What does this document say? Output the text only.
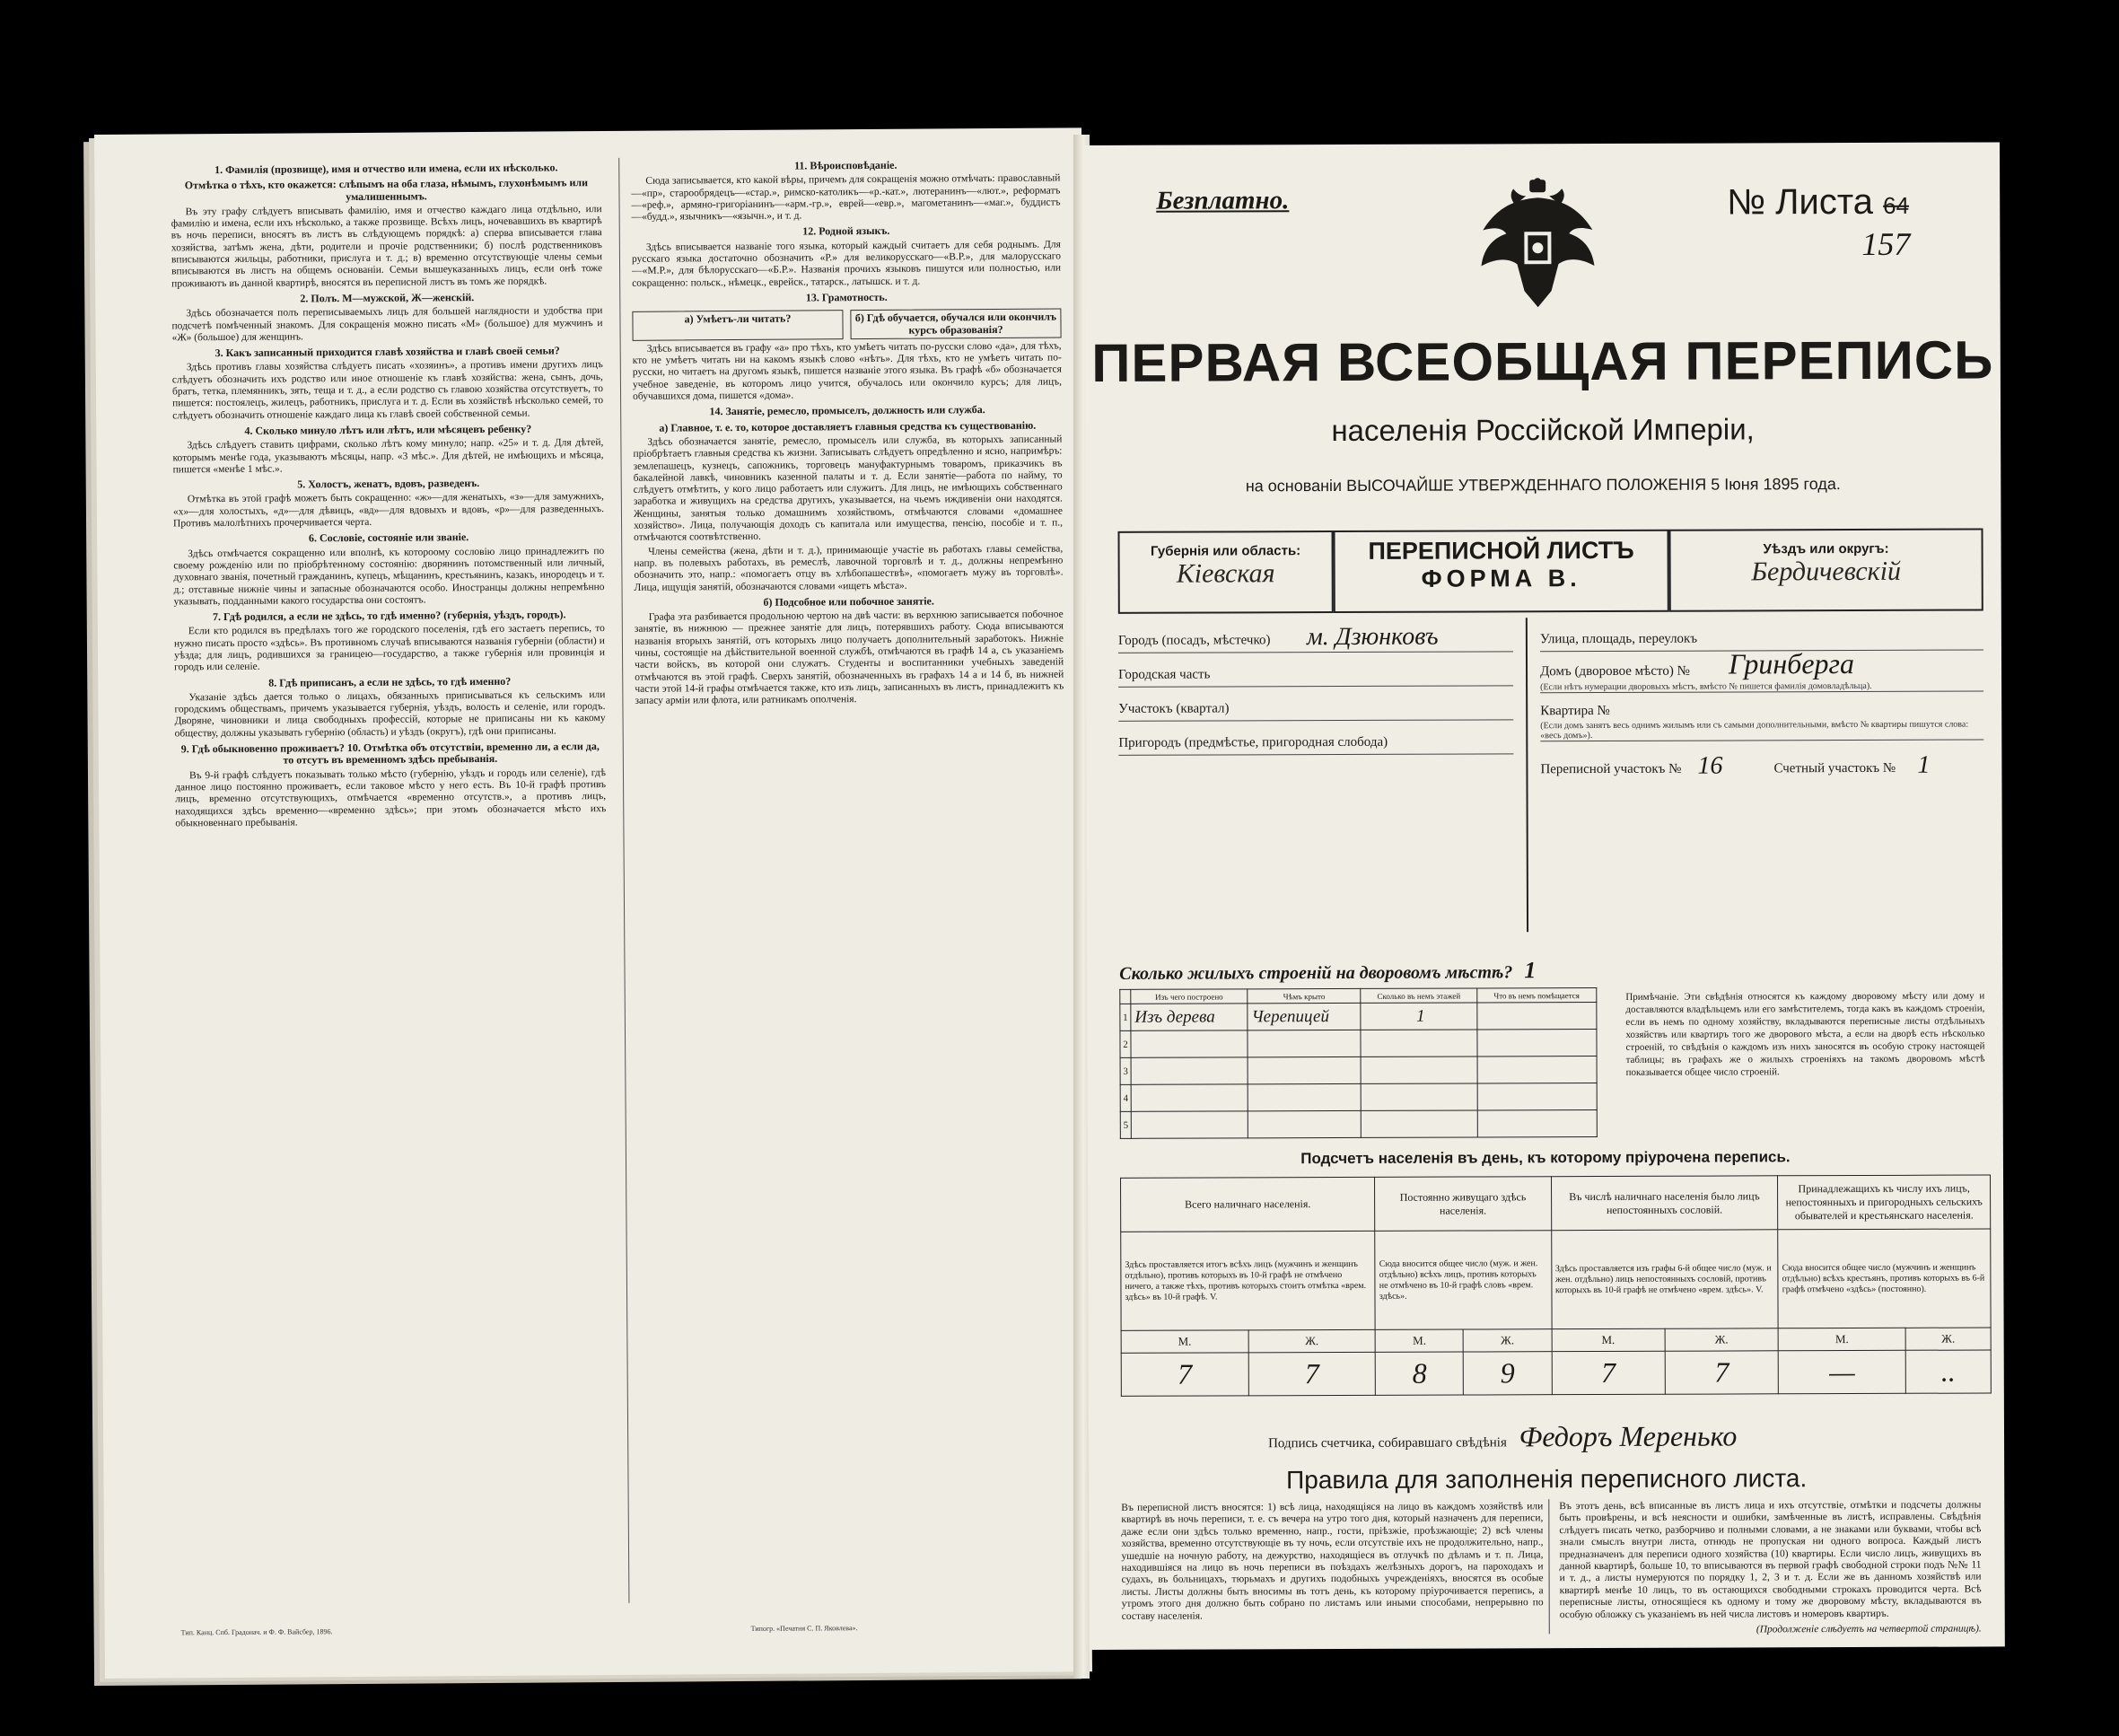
1. Фамилія (прозвище), имя и отчество или имена, если их нѣсколько.
Отмѣтка о тѣхъ, кто окажется: слѣпымъ на оба глаза, нѣмымъ, глухонѣмымъ или умалишеннымъ.

Въ эту графу слѣдуетъ вписывать фамилію, имя и отчество каждаго лица отдѣльно, или фамилію и имена, если ихъ нѣсколько, а также прозвище. Всѣхъ лицъ, ночевавшихъ въ квартирѣ въ ночь переписи, вносятъ въ листъ въ слѣдующемъ порядкѣ: а) сперва вписывается глава хозяйства, затѣмъ жена, дѣти, родители и прочіе родственники; б) послѣ родственниковъ вписываются жильцы, работники, прислуга и т. д.; в) временно отсутствующіе члены семьи вписываются въ листъ на общемъ основаніи. Семьи вышеуказанныхъ лицъ, если онѣ тоже проживаютъ въ данной квартирѣ, вносятся въ переписной листъ въ томъ же порядкѣ.

2. Полъ. М—мужской, Ж—женскій.

Здѣсь обозначается полъ переписываемыхъ лицъ для большей наглядности и удобства при подсчетѣ помѣченный знакомъ. Для сокращенія можно писать «М» (большое) для мужчинъ и «Ж» (большое) для женщинъ.

3. Какъ записанный приходится главѣ хозяйства и главѣ своей семьи?

Здѣсь противъ главы хозяйства слѣдуетъ писать «хозяинъ», а противъ имени другихъ лицъ слѣдуетъ обозначить ихъ родство или иное отношеніе къ главѣ хозяйства: жена, сынъ, дочь, братъ, тетка, племянникъ, зять, теща и т. д., а если родство съ главою хозяйства отсутствуетъ, то пишется: постоялецъ, жилецъ, работникъ, прислуга и т. д. Если въ хозяйствѣ нѣсколько семей, то слѣдуетъ обозначить отношеніе каждаго лица къ главѣ своей собственной семьи.

4. Сколько минуло лѣтъ или лѣтъ, или мѣсяцевъ ребенку?

Здѣсь слѣдуетъ ставить цифрами, сколько лѣтъ кому минуло; напр. «25» и т. д. Для дѣтей, которымъ менѣе года, указываютъ мѣсяцы, напр. «3 мѣс.». Для дѣтей, не имѣющихъ и мѣсяца, пишется «менѣе 1 мѣс.».

5. Холостъ, женатъ, вдовъ, разведенъ.

Отмѣтка въ этой графѣ можетъ быть сокращенно: «ж»—для женатыхъ, «з»—для замужнихъ, «х»—для холостыхъ, «д»—для дѣвицъ, «вд»—для вдовыхъ и вдовъ, «р»—для разведенныхъ. Противъ малолѣтнихъ прочерчивается черта.

6. Сословіе, состояніе или званіе.

Здѣсь отмѣчается сокращенно или вполнѣ, къ котороому сословію лицо принадлежитъ по своему рожденію или по пріобрѣтенному состоянію: дворянинъ потомственный или личный, духовнаго званія, почетный гражданинъ, купецъ, мѣщанинъ, крестьянинъ, казакъ, инородецъ и т. д.; отставные нижніе чины и запасные обозначаются особо. Иностранцы должны непремѣнно указывать, подданными какого государства они состоятъ.

7. Гдѣ родился, а если не здѣсь, то гдѣ именно? (губернія, уѣздъ, городъ).

Если кто родился въ предѣлахъ того же городского поселенія, гдѣ его застаетъ перепись, то нужно писать просто «здѣсь». Въ противномъ случаѣ вписываются названія губерніи (области) и уѣзда; для лицъ, родившихся за границею—государство, а также губернія или провинція и городъ или селеніе.

8. Гдѣ приписанъ, а если не здѣсь, то гдѣ именно?

Указаніе здѣсь дается только о лицахъ, обязанныхъ приписываться къ сельскимъ или городскимъ обществамъ, причемъ указывается губернія, уѣздъ, волость и селеніе, или городъ. Дворяне, чиновники и лица свободныхъ профессій, которые не приписаны ни къ какому обществу, должны указывать губернію (область) и уѣздъ (округъ), гдѣ они приписаны.

9. Гдѣ обыкновенно проживаетъ? 10. Отмѣтка объ отсутствіи, временно ли, а если да, то отсутъ въ временномъ здѣсь пребыванія.

Въ 9-й графѣ слѣдуетъ показывать только мѣсто (губернію, уѣздъ и городъ или селеніе), гдѣ данное лицо постоянно проживаетъ, если таковое мѣсто у него есть. Въ 10-й графѣ противъ лицъ, временно отсутствующихъ, отмѣчается «временно отсутств.», а противъ лицъ, находящихся здѣсь временно—«временно здѣсь»; при этомъ обозначается мѣсто ихъ обыкновеннаго пребыванія.

11. Вѣроисповѣданіе.

Сюда записывается, кто какой вѣры, причемъ для сокращенія можно отмѣчать: православный—«пр», старообрядецъ—«стар.», римско-католикъ—«р.-кат.», лютеранинъ—«лют.», реформатъ—«реф.», армяно-григоріанинъ—«арм.-гр.», еврей—«евр.», магометанинъ—«маг.», буддистъ—«будд.», язычникъ—«язычн.», и т. д.

12. Родной языкъ.

Здѣсь вписывается названіе того языка, который каждый считаетъ для себя роднымъ. Для русскаго языка достаточно обозначить «Р.» для великорусскаго—«В.Р.», для малорусскаго—«М.Р.», для бѣлорусскаго—«Б.Р.». Названія прочихъ языковъ пишутся или полностью, или сокращенно: польск., нѣмецк., еврейск., татарск., латышск. и т. д.

13. Грамотность.
а) Умѣетъ-ли читать?	б) Гдѣ обучается, обучался или окончилъ курсъ образованія?

Здѣсь вписывается въ графу «а» про тѣхъ, кто умѣетъ читать по-русски слово «да», для тѣхъ, кто не умѣетъ читать ни на какомъ языкѣ слово «нѣтъ». Для тѣхъ, кто не умѣетъ читать по-русски, но читаетъ на другомъ языкѣ, пишется названіе этого языка. Въ графѣ «б» обозначается учебное заведеніе, въ которомъ лицо учится, обучалось или окончило курсъ; для лицъ, обучавшихся дома, пишется «дома».

14. Занятіе, ремесло, промыселъ, должность или служба.
а) Главное, т. е. то, которое доставляетъ главныя средства къ существованію.

Здѣсь обозначается занятіе, ремесло, промыселъ или служба, въ которыхъ записанный пріобрѣтаетъ главныя средства къ жизни. Записывать слѣдуетъ опредѣленно и ясно, напримѣръ: землепашецъ, кузнецъ, сапожникъ, торговецъ мануфактурнымъ товаромъ, приказчикъ въ бакалейной лавкѣ, чиновникъ казенной палаты и т. д. Если занятіе—работа по найму, то слѣдуетъ отмѣтить, у кого лицо работаетъ или служитъ. Для лицъ, не имѣющихъ собственнаго заработка и живущихъ на средства другихъ, указывается, на чьемъ иждивеніи они находятся. Женщины, занятыя только домашнимъ хозяйствомъ, отмѣчаются словами «домашнее хозяйство». Лица, получающія доходъ съ капитала или имущества, пенсію, пособіе и т. п., отмѣчаются соотвѣтственно.

Члены семейства (жена, дѣти и т. д.), принимающіе участіе въ работахъ главы семейства, напр. въ полевыхъ работахъ, въ ремеслѣ, лавочной торговлѣ и т. д., должны непремѣнно обозначить это, напр.: «помогаетъ отцу въ хлѣбопашествѣ», «помогаетъ мужу въ торговлѣ». Лица, ищущія занятій, обозначаются словами «ищетъ мѣста».

б) Подсобное или побочное занятіе.

Графа эта разбивается продольною чертою на двѣ части: въ верхнюю записывается побочное занятіе, въ нижнюю — прежнее занятіе для лицъ, потерявшихъ работу. Сюда вписываются названія вторыхъ занятій, отъ которыхъ лицо получаетъ дополнительный заработокъ. Нижніе чины, состоящіе на дѣйствительной военной службѣ, отмѣчаются въ графѣ 14 а, съ указаніемъ части войскъ, въ которой они служатъ. Студенты и воспитанники учебныхъ заведеній отмѣчаются въ этой графѣ. Сверхъ занятій, обозначенныхъ въ графахъ 14 а и 14 б, въ нижней части этой 14-й графы отмѣчается также, кто изъ лицъ, записанныхъ въ листъ, принадлежитъ къ запасу арміи или флота, или ратникамъ ополченія.

Тип. Канц. Спб. Градонач. и Ф. Ф. Вайсбер, 1896.	Типогр. «Печатня С. П. Яковлева».
Безплатно.	№ Листа 64
157
ПЕРВАЯ ВСЕОБЩАЯ ПЕРЕПИСЬ
населенія Россійской Имперіи,
на основаніи ВЫСОЧАЙШЕ УТВЕРЖДЕННАГО ПОЛОЖЕНІЯ 5 Іюня 1895 года.
Губернія или область:
Кіевская
ПЕРЕПИСНОЙ ЛИСТЪ
ФОРМА В.
Уѣздъ или округъ:
Бердичевскій
Городъ (посадъ, мѣстечко) м. Дзюнковъ
Городская часть
Участокъ (квартал)
Пригородъ (предмѣстье, пригородная слобода)
Улица, площадь, переулокъ
Домъ (дворовое мѣсто) № Гринберга
(Если нѣтъ нумерации дворовыхъ мѣстъ, вмѣсто № пишется фамилія домовладѣльца).
Квартира №
(Если домъ занятъ весь однимъ жилымъ или съ самыми дополнительными, вмѣсто № квартиры пишутся слова: «весь домъ»).
Переписной участокъ № 16	Счетный участокъ № 1
Сколько жилыхъ строеній на дворовомъ мѣстѣ? 1
	Изъ чего построено	Чѣмъ крыто	Сколько въ немъ этажей	Что въ немъ помѣщается
1	Изъ дерева	Черепицей	1	
2				
3				
4				
5				
Примѣчаніе. Эти свѣдѣнія относятся къ каждому дворовому мѣсту или дому и доставляются владѣльцемъ или его замѣстителемъ, тогда какъ въ каждомъ строеніи, если въ немъ по одному хозяйству, вкладываются переписные листы отдѣльныхъ хозяйствъ или квартиръ того же дворового мѣста, а если на дворѣ есть нѣсколько строеній, то свѣдѣнія о каждомъ изъ нихъ заносятся въ особую строку настоящей таблицы; въ графахъ же о жилыхъ строеніяхъ на такомъ дворовомъ мѣстѣ показывается общее число строеній.
Подсчетъ населенія въ день, къ которому пріурочена перепись.
Всего наличнаго населенія.		Постоянно живущаго здѣсь населенія.		Въ числѣ наличнаго населенія было лицъ непостоянныхъ сословій.		Принадлежащихъ къ числу ихъ лицъ, непостоянныхъ и пригородныхъ сельскихъ обывателей и крестьянскаго населенія.	
Здѣсь проставляется итогъ всѣхъ лицъ (мужчинъ и женщинъ отдѣльно), противъ которыхъ въ 10-й графѣ не отмѣчено ничего, а также тѣхъ, противъ которыхъ стоитъ отмѣтка «врем. здѣсь» въ 10-й графѣ. V.		Сюда вносится общее число (муж. и жен. отдѣльно) всѣхъ лицъ, противъ которыхъ не отмѣчено въ 10-й графѣ словъ «врем. здѣсь».		Здѣсь проставляется изъ графы 6-й общее число (муж. и жен. отдѣльно) лицъ непостоянныхъ сословій, противъ которыхъ въ 10-й графѣ не отмѣчено «врем. здѣсь». V.		Сюда вносится общее число (мужчинъ и женщинъ отдѣльно) всѣхъ крестьянъ, противъ которыхъ въ 6-й графѣ отмѣчено «здѣсь» (постоянно).	
М.	Ж.	М.	Ж.	М.	Ж.	М.	Ж.
7	7	8	9	7	7	—	..
Подпись счетчика, собиравшаго свѣдѣнія Федоръ Меренько
Правила для заполненія переписного листа.
Въ переписной листъ вносятся: 1) всѣ лица, находящіяся на лицо въ каждомъ хозяйствѣ или квартирѣ въ ночь переписи, т. е. съ вечера на утро того дня, который назначенъ для переписи, даже если они здѣсь только временно, напр., гости, пріѣзжіе, проѣзжающіе; 2) всѣ члены хозяйства, временно отсутствующіе въ ту ночь, если отсутствіе ихъ не продолжительно, напр., ушедшіе на ночную работу, на дежурство, находящіеся въ отлучкѣ по дѣламъ и т. п. Лица, находившіяся на лицо въ ночь переписи въ поѣздахъ желѣзныхъ дорогъ, на пароходахъ и судахъ, въ больницахъ, тюрьмахъ и другихъ подобныхъ учрежденіяхъ, вносятся въ особые листы. Листы должны быть вносимы въ тотъ день, къ которому пріурочивается перепись, а утромъ этого дня должно быть собрано по листамъ или иными способами, непрерывно по составу населенія.
Въ этотъ день, всѣ вписанные въ листъ лица и ихъ отсутствіе, отмѣтки и подсчеты должны быть провѣрены, и всѣ неясности и ошибки, замѣченные въ листѣ, исправлены. Свѣдѣнія слѣдуетъ писать четко, разборчиво и полными словами, а не знаками или буквами, чтобы всѣ знали смыслъ внутри листа, отнюдь не пропуская ни одного вопроса. Каждый листъ предназначенъ для переписи одного хозяйства (10) квартиры. Если число лицъ, живущихъ въ данной квартирѣ, больше 10, то вписываются въ первой графѣ свободной строки подъ №№ 11 и т. д., а листы нумеруются по порядку 1, 2, 3 и т. д. Если же въ данномъ хозяйствѣ или квартирѣ менѣе 10 лицъ, то въ остающихся свободными строкахъ проводится черта. Всѣ переписные листы, относящіеся къ одному и тому же дворовому мѣсту, вкладываются въ особую обложку съ указаніемъ въ ней числа листовъ и номеровъ квартиръ.
(Продолженіе слѣдуетъ на четвертой страницѣ).
